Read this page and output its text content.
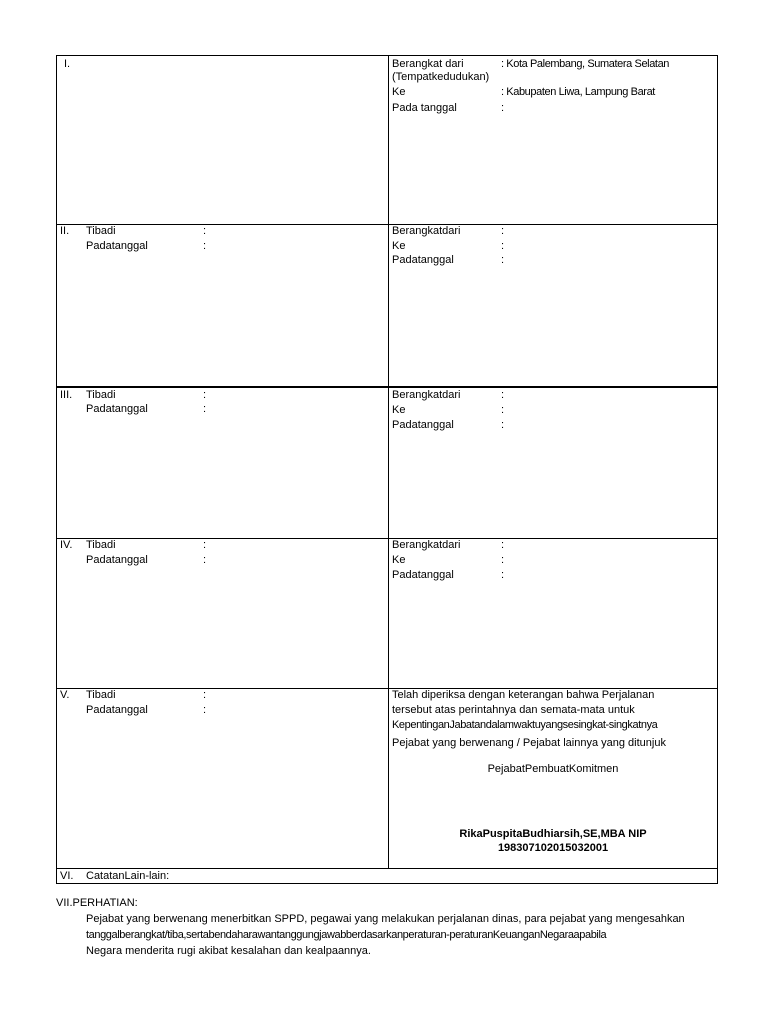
I.	Berangkat dari
(Tempatkedudukan)
: Kota Palembang, Sumatera Selatan
Ke	: Kabupaten Liwa, Lampung Barat
Pada tanggal	:
II. Tibadi	:
Padatanggal	:
Berangkatdari	:
Ke	:
Padatanggal	:
III. Tibadi	:
Padatanggal	:
Berangkatdari	:
Ke	:
Padatanggal	:
IV. Tibadi	:
Padatanggal	:
Berangkatdari	:
Ke	:
Padatanggal	:
V. Tibadi	:
Padatanggal	:
Telah diperiksa dengan keterangan bahwa Perjalanan
tersebut atas perintahnya dan semata-mata untuk
KepentinganJabatandalamwaktuyangsesingkat-singkatnya
Pejabat yang berwenang / Pejabat lainnya yang ditunjuk
PejabatPembuatKomitmen
RikaPuspitaBudhiarsih,SE,MBA NIP
198307102015032001
VI. CatatanLain-lain:
VII.PERHATIAN:
Pejabat yang berwenang menerbitkan SPPD, pegawai yang melakukan perjalanan dinas, para pejabat yang mengesahkan
tanggalberangkat/tiba,sertabendaharawantanggungjawabberdasarkanperaturan-peraturanKeuanganNegaraapabila
Negara menderita rugi akibat kesalahan dan kealpaannya.
